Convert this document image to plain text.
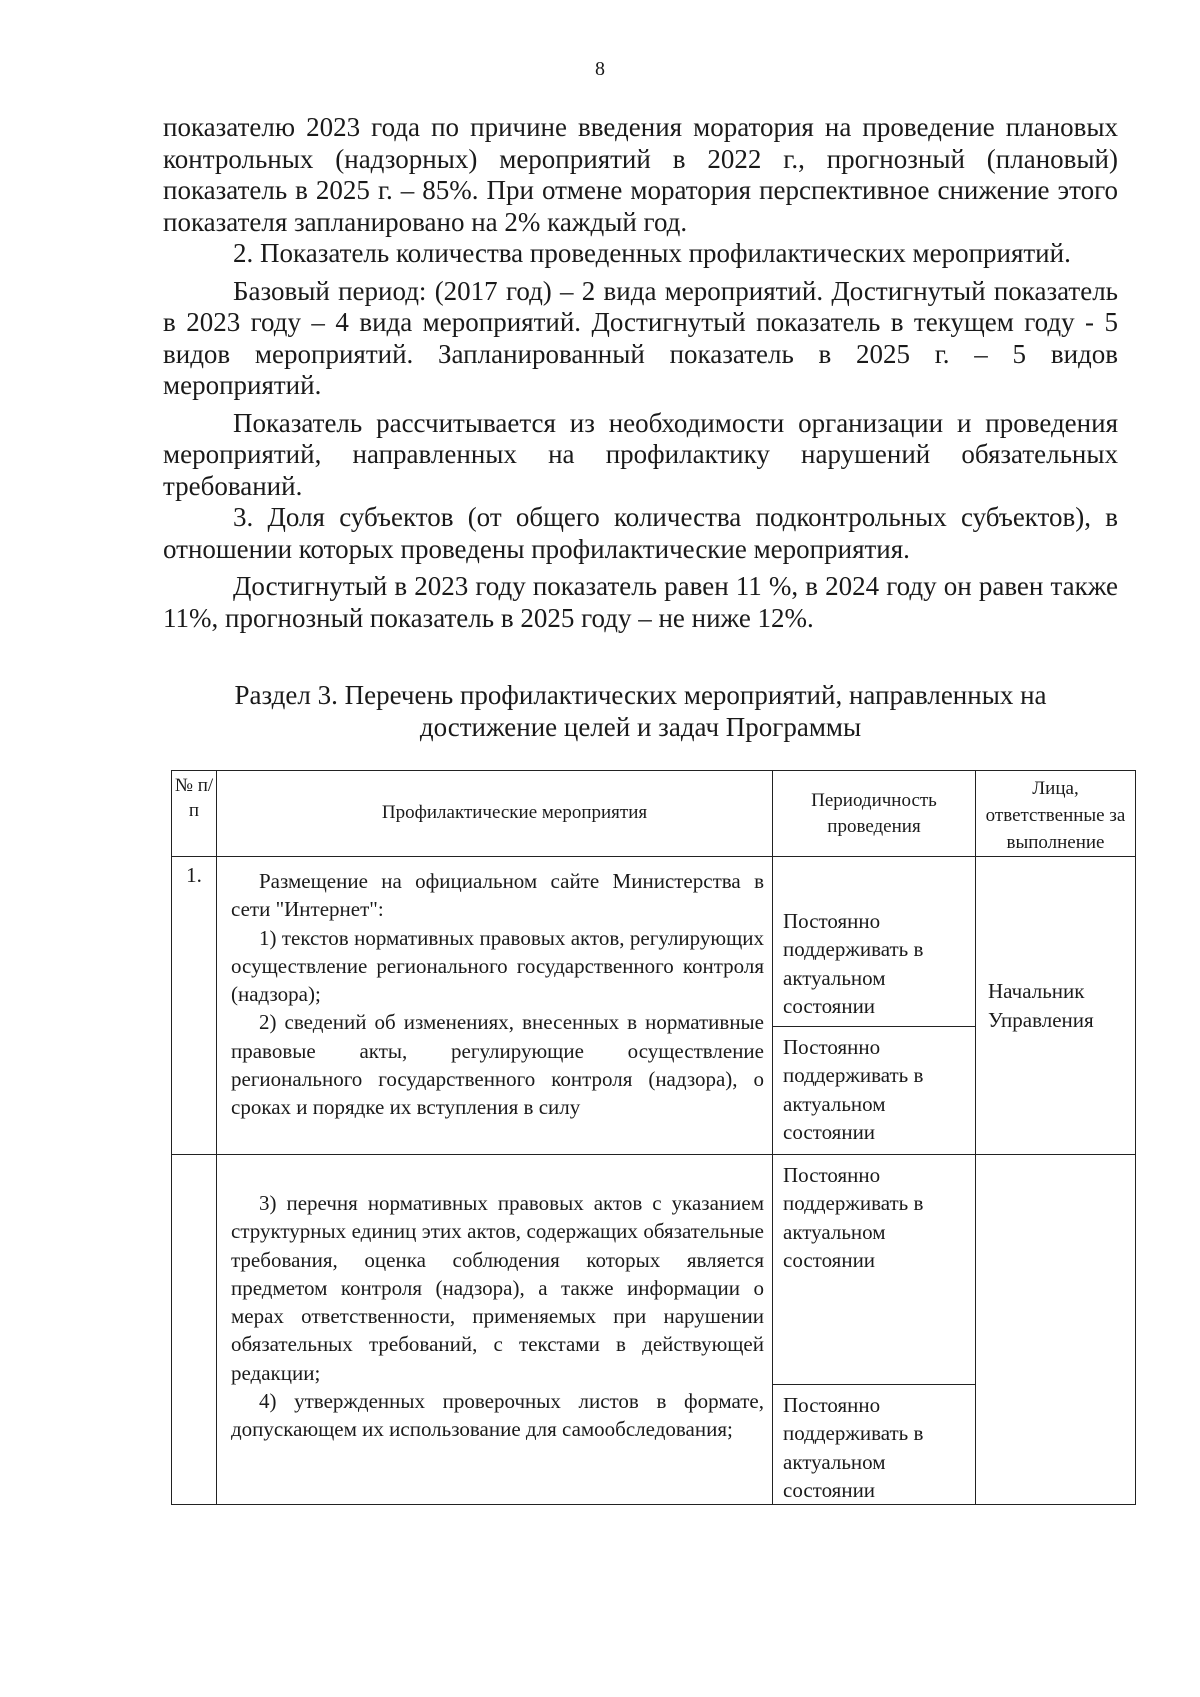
8

показателю 2023 года по причине введения моратория на проведение плановых контрольных (надзорных) мероприятий в 2022 г., прогнозный (плановый) показатель в 2025 г. – 85%. При отмене моратория перспективное снижение этого показателя запланировано на 2% каждый год.

2. Показатель количества проведенных профилактических мероприятий.

Базовый период: (2017 год) – 2 вида мероприятий. Достигнутый показатель в 2023 году – 4 вида мероприятий. Достигнутый показатель в текущем году - 5 видов мероприятий. Запланированный показатель в 2025 г. – 5 видов мероприятий.

Показатель рассчитывается из необходимости организации и проведения мероприятий, направленных на профилактику нарушений обязательных требований.

3. Доля субъектов (от общего количества подконтрольных субъектов), в отношении которых проведены профилактические мероприятия.

Достигнутый в 2023 году показатель равен 11 %, в 2024 году он равен также 11%, прогнозный показатель в 2025 году – не ниже 12%.

Раздел 3. Перечень профилактических мероприятий, направленных на
достижение целей и задач Программы
№ п/п	Профилактические мероприятия	Периодичность проведения	Лица, ответственные за выполнение
1.	Размещение на официальном сайте Министерства в сети "Интернет":

1) текстов нормативных правовых актов, регулирующих осуществление регионального государственного контроля (надзора);

2) сведений об изменениях, внесенных в нормативные правовые акты, регулирующие осуществление регионального государственного контроля (надзора), о сроках и порядке их вступления в силу	Постоянно поддерживать в актуальном состоянии	Начальник Управления
		Постоянно поддерживать в актуальном состоянии	

	3) перечня нормативных правовых актов с указанием структурных единиц этих актов, содержащих обязательные требования, оценка соблюдения которых является предметом контроля (надзора), а также информации о мерах ответственности, применяемых при нарушении обязательных требований, с текстами в действующей редакции;

4) утвержденных проверочных листов в формате, допускающем их использование для самообследования;	Постоянно поддерживать в актуальном состоянии	
		Постоянно поддерживать в актуальном состоянии	
